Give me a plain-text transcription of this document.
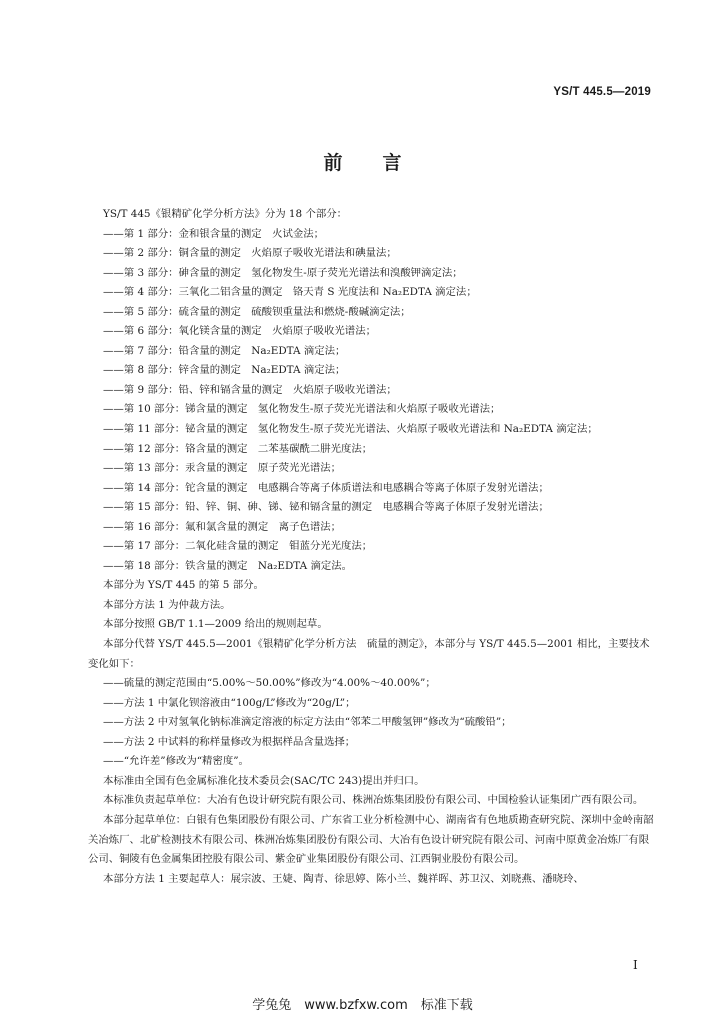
YS/T 445.5—2019
前言

YS/T 445《银精矿化学分析方法》分为 18 个部分：

——第 1 部分：金和银含量的测定　火试金法；

——第 2 部分：铜含量的测定　火焰原子吸收光谱法和碘量法；

——第 3 部分：砷含量的测定　氢化物发生-原子荧光光谱法和溴酸钾滴定法；

——第 4 部分：三氧化二铝含量的测定　铬天青 S 光度法和 Na₂EDTA 滴定法；

——第 5 部分：硫含量的测定　硫酸钡重量法和燃烧-酸碱滴定法；

——第 6 部分：氧化镁含量的测定　火焰原子吸收光谱法；

——第 7 部分：铅含量的测定　Na₂EDTA 滴定法；

——第 8 部分：锌含量的测定　Na₂EDTA 滴定法；

——第 9 部分：铅、锌和镉含量的测定　火焰原子吸收光谱法；

——第 10 部分：锑含量的测定　氢化物发生-原子荧光光谱法和火焰原子吸收光谱法；

——第 11 部分：铋含量的测定　氢化物发生-原子荧光光谱法、火焰原子吸收光谱法和 Na₂EDTA 滴定法；

——第 12 部分：铬含量的测定　二苯基碳酰二肼光度法；

——第 13 部分：汞含量的测定　原子荧光光谱法；

——第 14 部分：铊含量的测定　电感耦合等离子体质谱法和电感耦合等离子体原子发射光谱法；

——第 15 部分：铅、锌、铜、砷、锑、铋和镉含量的测定　电感耦合等离子体原子发射光谱法；

——第 16 部分：氟和氯含量的测定　离子色谱法；

——第 17 部分：二氧化硅含量的测定　钼蓝分光光度法；

——第 18 部分：铁含量的测定　Na₂EDTA 滴定法。

本部分为 YS/T 445 的第 5 部分。

本部分方法 1 为仲裁方法。

本部分按照 GB/T 1.1—2009 给出的规则起草。

本部分代替 YS/T 445.5—2001《银精矿化学分析方法　硫量的测定》，本部分与 YS/T 445.5—2001 相比，主要技术变化如下：

——硫量的测定范围由“5.00%～50.00%”修改为“4.00%～40.00%”；

——方法 1 中氯化钡溶液由“100g/L”修改为“20g/L”；

——方法 2 中对氢氧化钠标准滴定溶液的标定方法由“邻苯二甲酸氢钾”修改为“硫酸铅”；

——方法 2 中试料的称样量修改为根据样品含量选择；

——“允许差”修改为“精密度”。

本标准由全国有色金属标准化技术委员会(SAC/TC 243)提出并归口。

本标准负责起草单位：大冶有色设计研究院有限公司、株洲冶炼集团股份有限公司、中国检验认证集团广西有限公司。

本部分起草单位：白银有色集团股份有限公司、广东省工业分析检测中心、湖南省有色地质勘查研究院、深圳中金岭南韶关冶炼厂、北矿检测技术有限公司、株洲冶炼集团股份有限公司、大冶有色设计研究院有限公司、河南中原黄金冶炼厂有限公司、铜陵有色金属集团控股有限公司、紫金矿业集团股份有限公司、江西铜业股份有限公司。

本部分方法 1 主要起草人：展宗波、王婕、陶青、徐思婷、陈小兰、魏祥晖、苏卫汉、刘晓燕、潘晓玲、

I
学兔兔　www.bzfxw.com　标准下载
